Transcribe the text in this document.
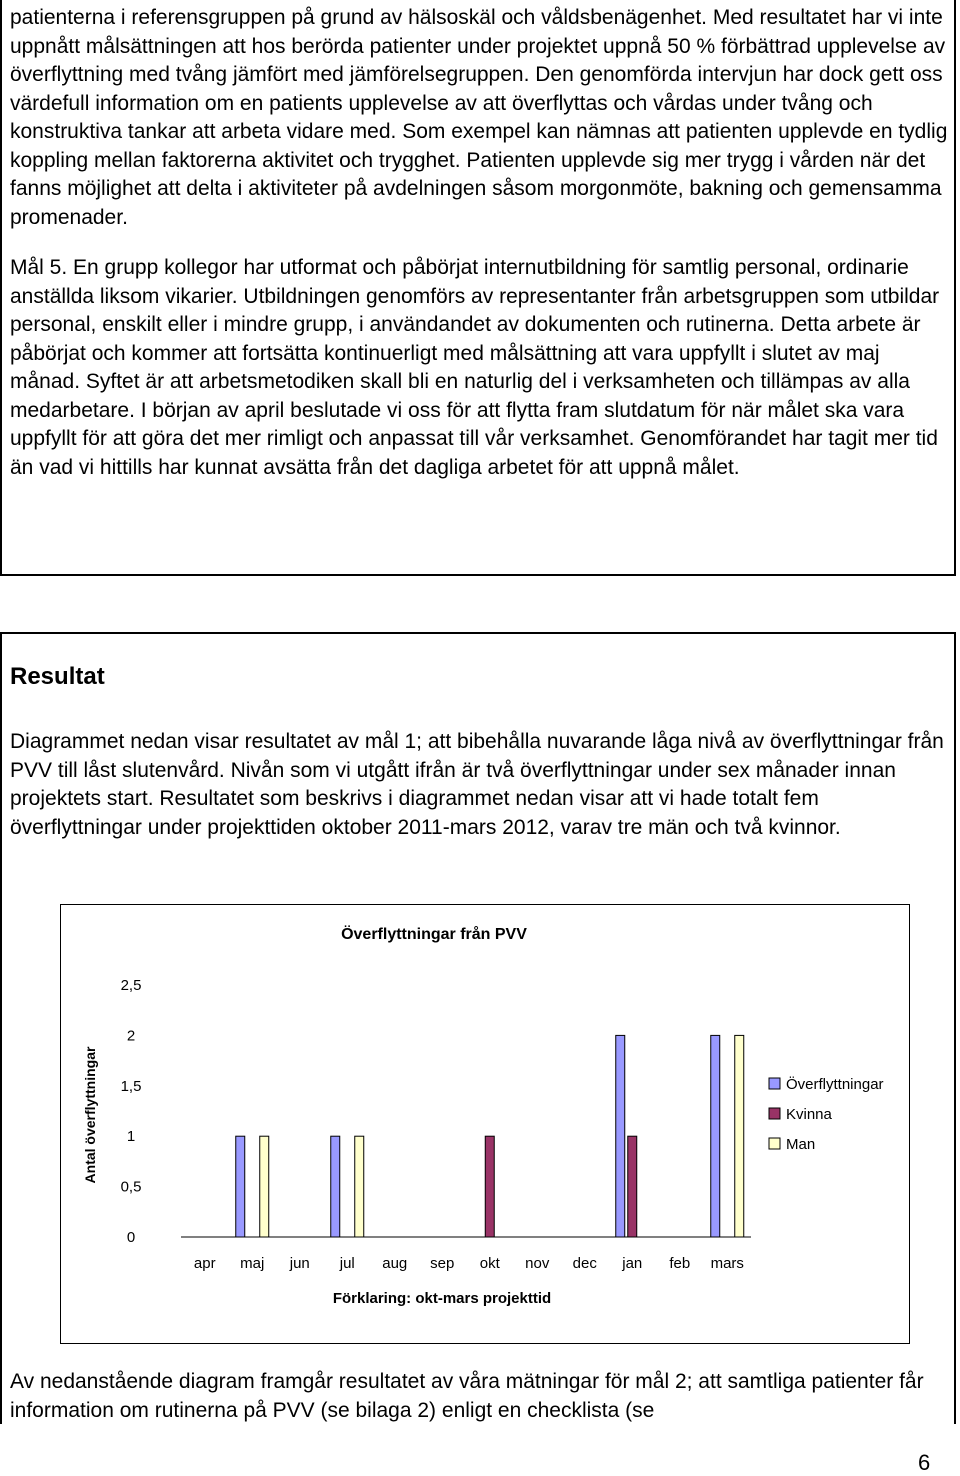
patienterna i referensgruppen på grund av hälsoskäl och våldsbenägenhet. Med resultatet har vi inte uppnått målsättningen att hos berörda patienter under projektet uppnå 50 % förbättrad upplevelse av överflyttning med tvång jämfört med jämförelsegruppen. Den genomförda intervjun har dock gett oss värdefull information om en patients upplevelse av att överflyttas och vårdas under tvång och konstruktiva tankar att arbeta vidare med. Som exempel kan nämnas att patienten upplevde en tydlig koppling mellan faktorerna aktivitet och trygghet. Patienten upplevde sig mer trygg i vården när det fanns möjlighet att delta i aktiviteter på avdelningen såsom morgonmöte, bakning och gemensamma promenader.

Mål 5. En grupp kollegor har utformat och påbörjat internutbildning för samtlig personal, ordinarie anställda liksom vikarier. Utbildningen genomförs av representanter från arbetsgruppen som utbildar personal, enskilt eller i mindre grupp, i användandet av dokumenten och rutinerna. Detta arbete är påbörjat och kommer att fortsätta kontinuerligt med målsättning att vara uppfyllt i slutet av maj månad. Syftet är att arbetsmetodiken skall bli en naturlig del i verksamheten och tillämpas av alla medarbetare. I början av april beslutade vi oss för att flytta fram slutdatum för när målet ska vara uppfyllt för att göra det mer rimligt och anpassat till vår verksamhet. Genomförandet har tagit mer tid än vad vi hittills har kunnat avsätta från det dagliga arbetet för att uppnå målet.

Resultat

Diagrammet nedan visar resultatet av mål 1; att bibehålla nuvarande låga nivå av överflyttningar från PVV till låst slutenvård. Nivån som vi utgått ifrån är två överflyttningar under sex månader innan projektets start. Resultatet som beskrivs i diagrammet nedan visar att vi hade totalt fem överflyttningar under projekttiden oktober 2011-mars 2012, varav tre män och två kvinnor.

Överflyttningar från PVV
Antal överflyttningar
Förklaring: okt-mars projekttid
0
0,5
1
1,5
2
2,5
apr maj jun jul aug sep okt nov dec jan feb mars
Överflyttningar
Kvinna
Man

Av nedanstående diagram framgår resultatet av våra mätningar för mål 2; att samtliga patienter får information om rutinerna på PVV (se bilaga 2) enligt en checklista (se

6
